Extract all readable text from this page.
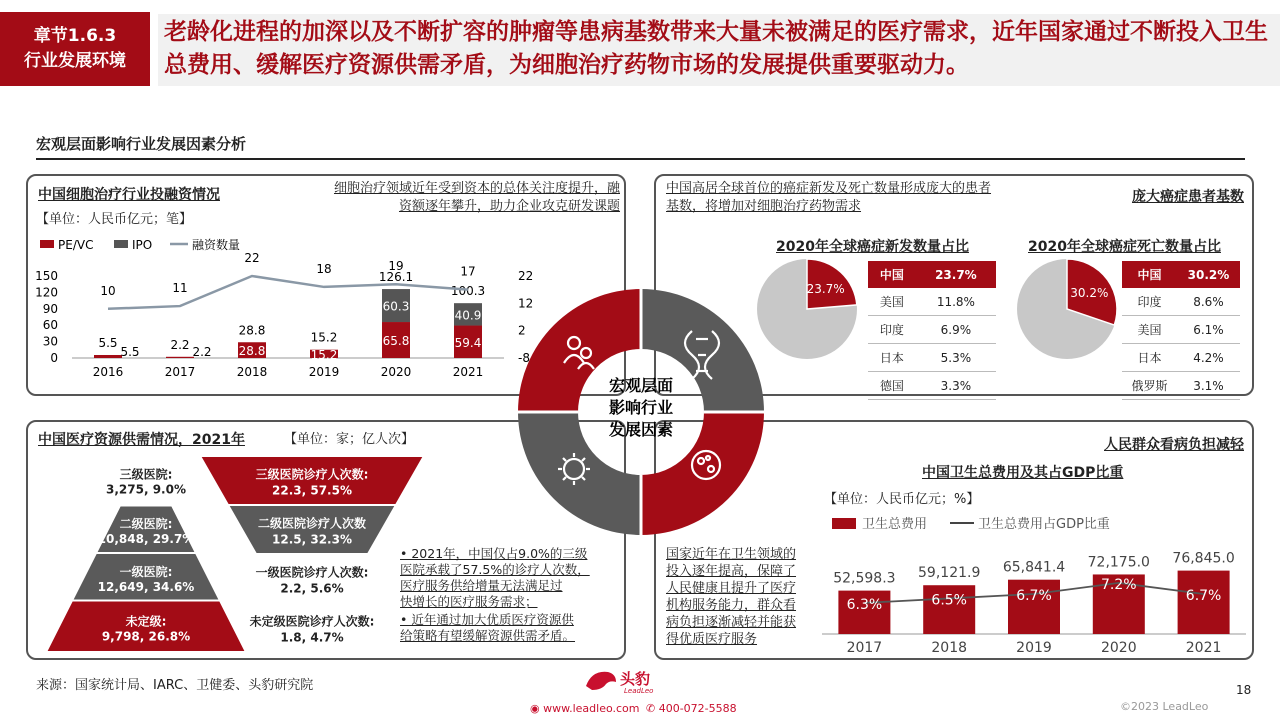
章节1.6.3
行业发展环境
老龄化进程的加深以及不断扩容的肿瘤等患病基数带来大量未被满足的医疗需求，近年国家通过不断投入卫生总费用、缓解医疗资源供需矛盾，为细胞治疗药物市场的发展提供重要驱动力。
宏观层面影响行业发展因素分析
中国细胞治疗行业投融资情况
【单位：人民币亿元；笔】
细胞治疗领域近年受到资本的总体关注度提升，融
资额逐年攀升，助力企业攻克研发课题
PE/VC	IPO	融资数量
150
120
90
60
30
0
22
12
2
-8
2016
5.5
5.5
2017
2.2
2.2
2018
28.8
28.8
2019
15.2
15.2
2020
60.3
65.8
126.1
2021
40.9
59.4
100.3
10	11
22
18	19	17
中国高居全球首位的癌症新发及死亡数量形成庞大的患者
基数，将增加对细胞治疗药物需求
庞大癌症患者基数
2020年全球癌症新发数量占比	2020年全球癌症死亡数量占比
23.7%	30.2%
中国	23.7%
美国	11.8%
印度	6.9%
日本	5.3%
德国	3.3%
中国	30.2%
印度	8.6%
美国	6.1%
日本	4.2%
俄罗斯	3.1%
中国医疗资源供需情况，2021年	【单位：家；亿人次】
三级医院:
3,275, 9.0%
二级医院:
10,848, 29.7%
一级医院:
12,649, 34.6%
未定级:
9,798, 26.8%
三级医院诊疗人次数:
22.3, 57.5%
二级医院诊疗人次数
12.5, 32.3%
一级医院诊疗人次数:
2.2, 5.6%
未定级医院诊疗人次数:
1.8, 4.7%
• 2021年，中国仅占9.0%的三级
医院承载了57.5%的诊疗人次数，
医疗服务供给增量无法满足过
快增长的医疗服务需求；
• 近年通过加大优质医疗资源供
给策略有望缓解资源供需矛盾。
人民群众看病负担减轻
中国卫生总费用及其占GDP比重
【单位：人民币亿元；%】
国家近年在卫生领域的
投入逐年提高，保障了
人民健康且提升了医疗
机构服务能力，群众看
病负担逐渐减轻并能获
得优质医疗服务
卫生总费用	卫生总费用占GDP比重
52,598.3
2017
59,121.9
2018
65,841.4
2019
72,175.0
2020
76,845.0
2021
6.3%	6.5%	6.7%
7.2%
6.7%
宏观层面
影响行业
发展因素
来源：国家统计局、IARC、卫健委、头豹研究院	头豹
LeadLeo
◉ www.leadleo.com ✆ 400-072-5588
18
©2023 LeadLeo
